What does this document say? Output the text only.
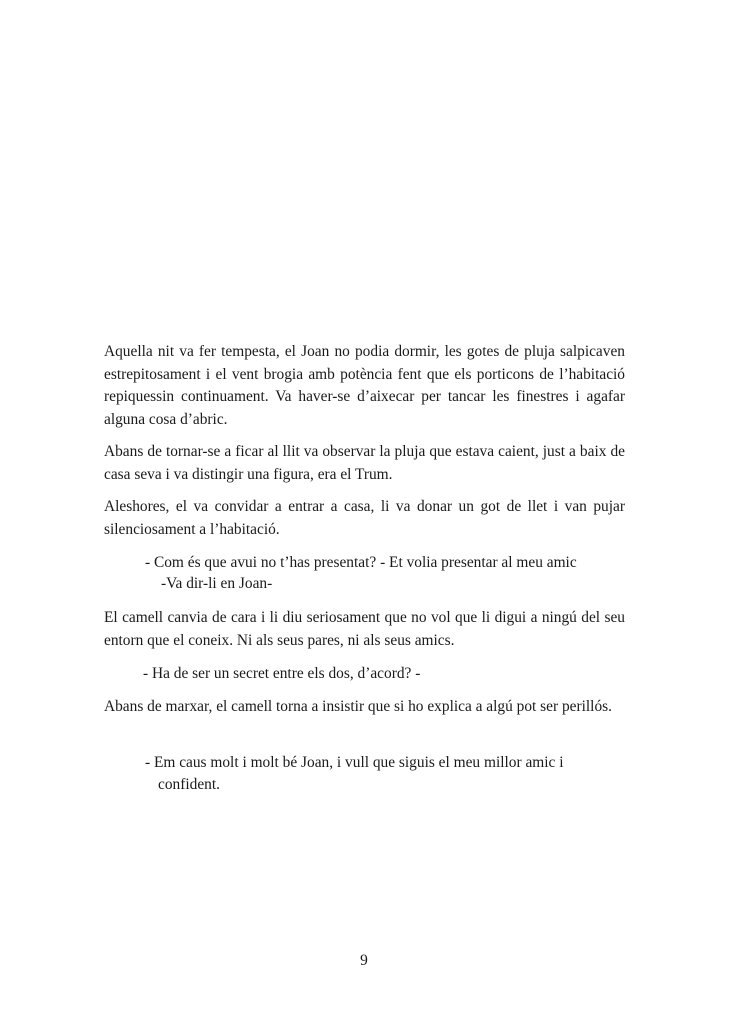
Aquella nit va fer tempesta, el Joan no podia dormir, les gotes de pluja salpicaven estrepitosament i el vent brogia amb potència fent que els porticons de l’habitació repiquessin continuament. Va haver-se d’aixecar per tancar les finestres i agafar alguna cosa d’abric.

Abans de tornar-se a ficar al llit va observar la pluja que estava caient, just a baix de casa seva i va distingir una figura, era el Trum.

Aleshores, el va convidar a entrar a casa, li va donar un got de llet i van pujar silenciosament a l’habitació.

- Com és que avui no t’has presentat? - Et volia presentar al meu amic

-Va dir-li en Joan-

El camell canvia de cara i li diu seriosament que no vol que li digui a ningú del seu entorn que el coneix. Ni als seus pares, ni als seus amics.

- Ha de ser un secret entre els dos, d’acord? -

Abans de marxar, el camell torna a insistir que si ho explica a algú pot ser perillós.

- Em caus molt i molt bé Joan, i vull que siguis el meu millor amic i

confident.

9
